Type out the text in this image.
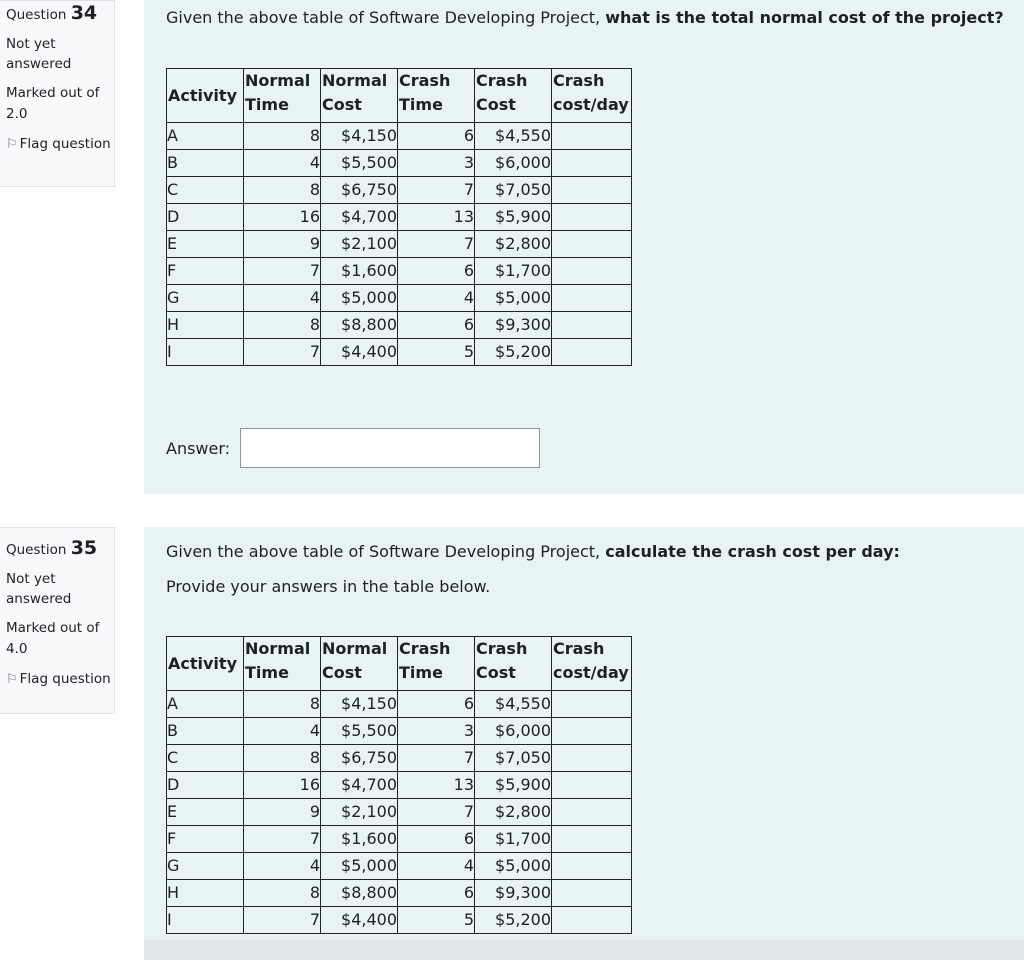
Question 34
Not yet answered
Marked out of 2.0
⚐ Flag question
Given the above table of Software Developing Project, what is the total normal cost of the project?
Activity	Normal Time	Normal Cost	Crash Time	Crash Cost	Crash cost/day
A	8	$4,150	6	$4,550	
B	4	$5,500	3	$6,000	
C	8	$6,750	7	$7,050	
D	16	$4,700	13	$5,900	
E	9	$2,100	7	$2,800	
F	7	$1,600	6	$1,700	
G	4	$5,000	4	$5,000	
H	8	$8,800	6	$9,300	
I	7	$4,400	5	$5,200	
Answer:
Question 35
Not yet answered
Marked out of 4.0
⚐ Flag question
Given the above table of Software Developing Project, calculate the crash cost per day:
Provide your answers in the table below.
Activity	Normal Time	Normal Cost	Crash Time	Crash Cost	Crash cost/day
A	8	$4,150	6	$4,550	
B	4	$5,500	3	$6,000	
C	8	$6,750	7	$7,050	
D	16	$4,700	13	$5,900	
E	9	$2,100	7	$2,800	
F	7	$1,600	6	$1,700	
G	4	$5,000	4	$5,000	
H	8	$8,800	6	$9,300	
I	7	$4,400	5	$5,200	
